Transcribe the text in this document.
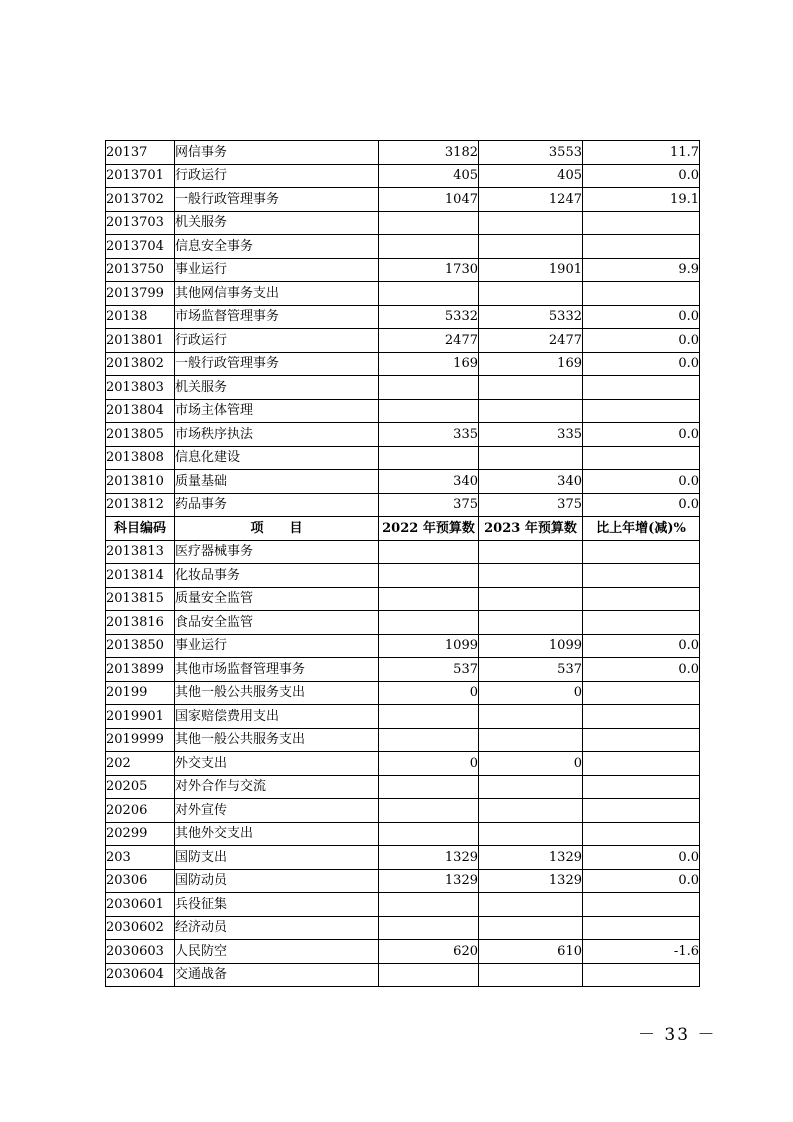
20137	网信事务	3182	3553	11.7
2013701	行政运行	405	405	0.0
2013702	一般行政管理事务	1047	1247	19.1
2013703	机关服务			
2013704	信息安全事务			
2013750	事业运行	1730	1901	9.9
2013799	其他网信事务支出			
20138	市场监督管理事务	5332	5332	0.0
2013801	行政运行	2477	2477	0.0
2013802	一般行政管理事务	169	169	0.0
2013803	机关服务			
2013804	市场主体管理			
2013805	市场秩序执法	335	335	0.0
2013808	信息化建设			
2013810	质量基础	340	340	0.0
2013812	药品事务	375	375	0.0
科目编码	项　　目	2022 年预算数	2023 年预算数	比上年增(减)%
2013813	医疗器械事务			
2013814	化妆品事务			
2013815	质量安全监管			
2013816	食品安全监管			
2013850	事业运行	1099	1099	0.0
2013899	其他市场监督管理事务	537	537	0.0
20199	其他一般公共服务支出	0	0	
2019901	国家赔偿费用支出			
2019999	其他一般公共服务支出			
202	外交支出	0	0	
20205	对外合作与交流			
20206	对外宣传			
20299	其他外交支出			
203	国防支出	1329	1329	0.0
20306	国防动员	1329	1329	0.0
2030601	兵役征集			
2030602	经济动员			
2030603	人民防空	620	610	-1.6
2030604	交通战备			
－ 33 －
